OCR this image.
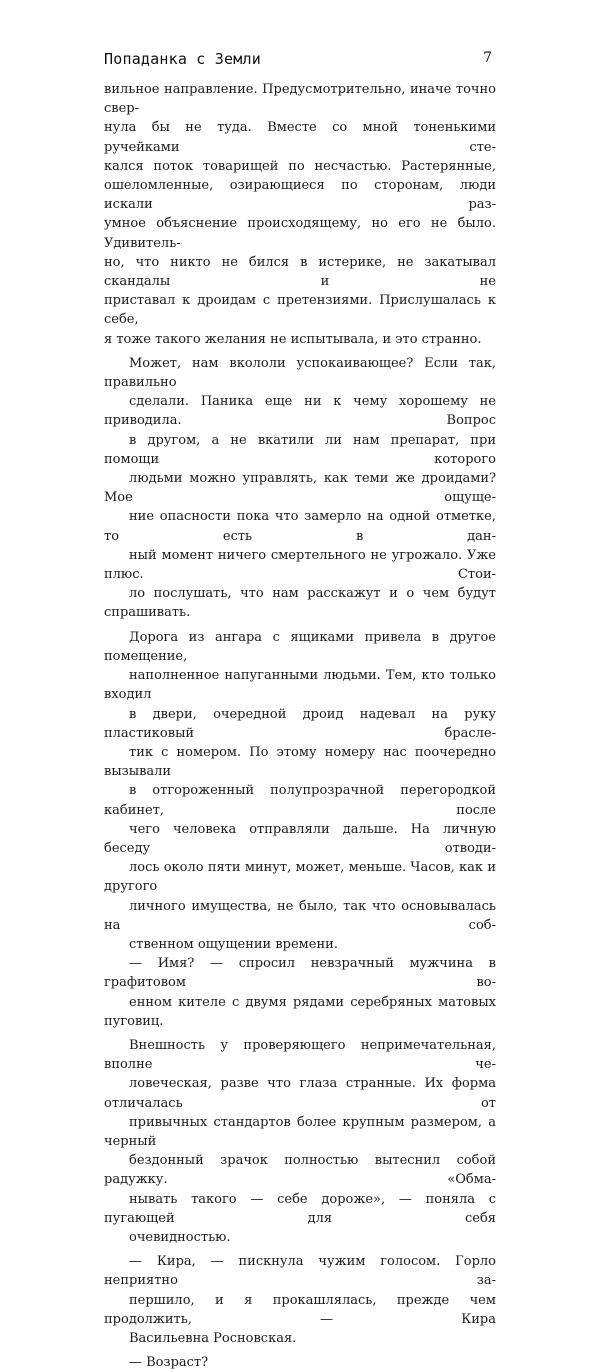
Попаданка с Земли	7

вильное направление. Предусмотрительно, иначе точно свер-
нула бы не туда. Вместе со мной тоненькими ручейками сте-
кался поток товарищей по несчастью. Растерянные,
ошеломленные, озирающиеся по сторонам, люди искали раз-
умное объяснение происходящему, но его не было. Удивитель-
но, что никто не бился в истерике, не закатывал скандалы и не
приставал к дроидам с претензиями. Прислушалась к себе,
я тоже такого желания не испытывала, и это странно.

Может, нам вкололи успокаивающее? Если так, правильно
сделали. Паника еще ни к чему хорошему не приводила. Вопрос
в другом, а не вкатили ли нам препарат, при помощи которого
людьми можно управлять, как теми же дроидами? Мое ощуще-
ние опасности пока что замерло на одной отметке, то есть в дан-
ный момент ничего смертельного не угрожало. Уже плюс. Стои-
ло послушать, что нам расскажут и о чем будут спрашивать.

Дорога из ангара с ящиками привела в другое помещение,
наполненное напуганными людьми. Тем, кто только входил
в двери, очередной дроид надевал на руку пластиковый брасле-
тик с номером. По этому номеру нас поочередно вызывали
в отгороженный полупрозрачной перегородкой кабинет, после
чего человека отправляли дальше. На личную беседу отводи-
лось около пяти минут, может, меньше. Часов, как и другого
личного имущества, не было, так что основывалась на соб-
ственном ощущении времени.

— Имя? — спросил невзрачный мужчина в графитовом во-
енном кителе с двумя рядами серебряных матовых пуговиц.

Внешность у проверяющего непримечательная, вполне че-
ловеческая, разве что глаза странные. Их форма отличалась от
привычных стандартов более крупным размером, а черный
бездонный зрачок полностью вытеснил собой радужку. «Обма-
нывать такого — себе дороже», — поняла с пугающей для себя
очевидностью.

— Кира, — пискнула чужим голосом. Горло неприятно за-
першило, и я прокашлялась, прежде чем продолжить, — Кира
Васильевна Росновская.

— Возраст?
